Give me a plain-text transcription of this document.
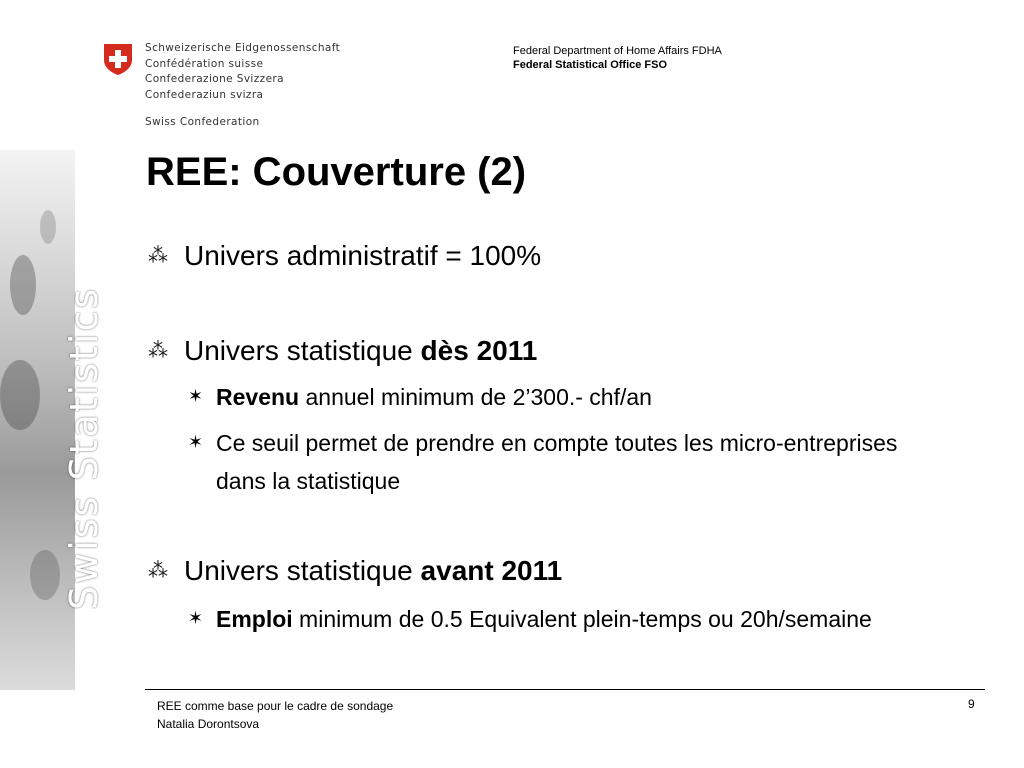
Swiss Statistics
Schweizerische Eidgenossenschaft
Confédération suisse
Confederazione Svizzera
Confederaziun svizra
Swiss Confederation
Federal Department of Home Affairs FDHA
Federal Statistical Office FSO
REE: Couverture (2)
⁂ Univers administratif = 100%
⁂ Univers statistique dès 2011
✶ Revenu annuel minimum de 2’300.- chf/an
✶ Ce seuil permet de prendre en compte toutes les micro-entreprises dans la statistique
⁂ Univers statistique avant 2011
✶ Emploi minimum de 0.5 Equivalent plein-temps ou 20h/semaine
REE comme base pour le cadre de sondage
Natalia Dorontsova
9
